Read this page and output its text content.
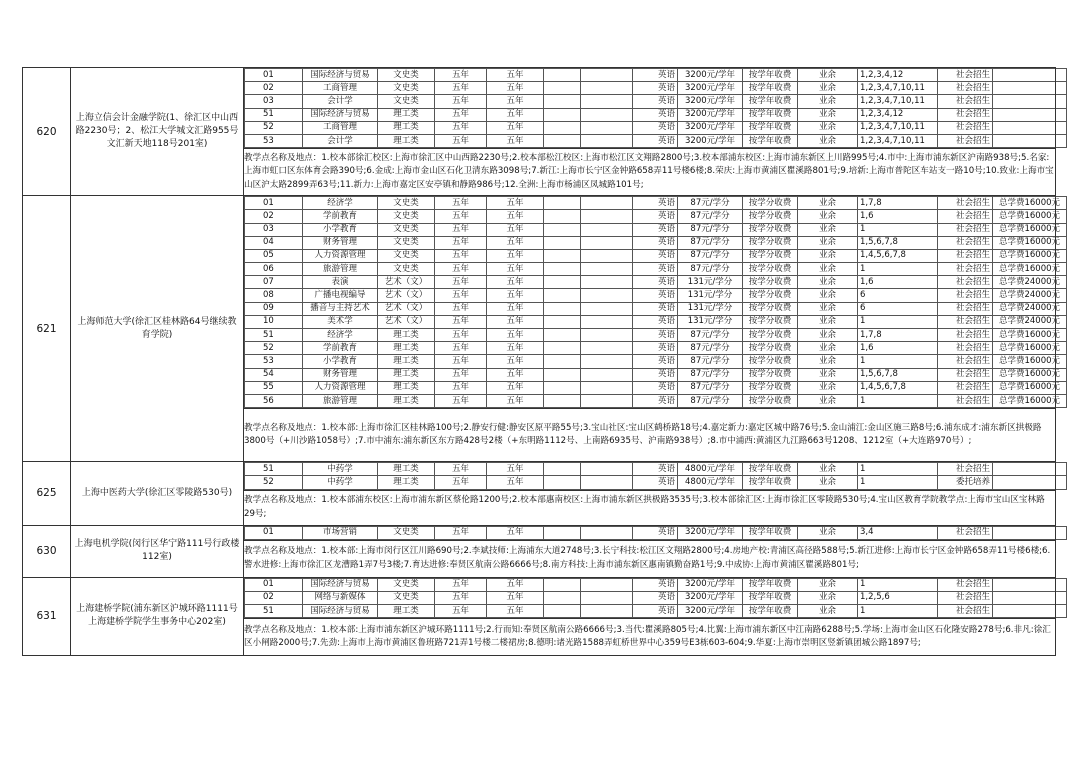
620	上海立信会计金融学院(1、徐汇区中山西路2230号；2、松江大学城文汇路955号文汇新天地118号201室)	
01	国际经济与贸易	文史类	五年	五年			英语	3200元/学年	按学年收费	业余	1,2,3,4,12	社会招生	
02	工商管理	文史类	五年	五年			英语	3200元/学年	按学年收费	业余	1,2,3,4,7,10,11	社会招生	
03	会计学	文史类	五年	五年			英语	3200元/学年	按学年收费	业余	1,2,3,4,7,10,11	社会招生	
51	国际经济与贸易	理工类	五年	五年			英语	3200元/学年	按学年收费	业余	1,2,3,4,12	社会招生	
52	工商管理	理工类	五年	五年			英语	3200元/学年	按学年收费	业余	1,2,3,4,7,10,11	社会招生	
53	会计学	理工类	五年	五年			英语	3200元/学年	按学年收费	业余	1,2,3,4,7,10,11	社会招生	

教学点名称及地点：1.校本部徐汇校区:上海市徐汇区中山西路2230号;2.校本部松江校区:上海市松江区文翔路2800号;3.校本部浦东校区:上海市浦东新区上川路995号;4.市中:上海市浦东新区沪南路938号;5.名家:上海市虹口区东体育会路390号;6.金成:上海市金山区石化卫清东路3098号;7.新江:上海市长宁区金钟路658弄11号楼6楼;8.荣庆:上海市黄浦区瞿溪路801号;9.培新:上海市普陀区车站支一路10号;10.致业:上海市宝山区沪太路2899弄63号;11.新力:上海市嘉定区安亭镇和静路986号;12.全洲:上海市杨浦区凤城路101号;
621	上海师范大学(徐汇区桂林路64号继续教育学院)	
01	经济学	文史类	五年	五年			英语	87元/学分	按学分收费	业余	1,7,8	社会招生	总学费16000元
02	学前教育	文史类	五年	五年			英语	87元/学分	按学分收费	业余	1,6	社会招生	总学费16000元
03	小学教育	文史类	五年	五年			英语	87元/学分	按学分收费	业余	1	社会招生	总学费16000元
04	财务管理	文史类	五年	五年			英语	87元/学分	按学分收费	业余	1,5,6,7,8	社会招生	总学费16000元
05	人力资源管理	文史类	五年	五年			英语	87元/学分	按学分收费	业余	1,4,5,6,7,8	社会招生	总学费16000元
06	旅游管理	文史类	五年	五年			英语	87元/学分	按学分收费	业余	1	社会招生	总学费16000元
07	表演	艺术（文）	五年	五年			英语	131元/学分	按学分收费	业余	1,6	社会招生	总学费24000元
08	广播电视编导	艺术（文）	五年	五年			英语	131元/学分	按学分收费	业余	6	社会招生	总学费24000元
09	播音与主持艺术	艺术（文）	五年	五年			英语	131元/学分	按学分收费	业余	6	社会招生	总学费24000元
10	美术学	艺术（文）	五年	五年			英语	131元/学分	按学分收费	业余	1	社会招生	总学费24000元
51	经济学	理工类	五年	五年			英语	87元/学分	按学分收费	业余	1,7,8	社会招生	总学费16000元
52	学前教育	理工类	五年	五年			英语	87元/学分	按学分收费	业余	1,6	社会招生	总学费16000元
53	小学教育	理工类	五年	五年			英语	87元/学分	按学分收费	业余	1	社会招生	总学费16000元
54	财务管理	理工类	五年	五年			英语	87元/学分	按学分收费	业余	1,5,6,7,8	社会招生	总学费16000元
55	人力资源管理	理工类	五年	五年			英语	87元/学分	按学分收费	业余	1,4,5,6,7,8	社会招生	总学费16000元
56	旅游管理	理工类	五年	五年			英语	87元/学分	按学分收费	业余	1	社会招生	总学费16000元

教学点名称及地点：1.校本部:上海市徐汇区桂林路100号;2.静安行健:静安区原平路55号;3.宝山社区:宝山区鹤桥路18号;4.嘉定新力:嘉定区城中路76号;5.金山浦江:金山区施三路8号;6.浦东成才:浦东新区拱极路3800号（+川沙路1058号）;7.市中浦东:浦东新区东方路428号2楼（+东明路1112号、上南路6935号、沪南路938号）;8.市中浦西:黄浦区九江路663号1208、1212室（+大连路970号）;
625	上海中医药大学(徐汇区零陵路530号)	
51	中药学	理工类	五年	五年			英语	4800元/学年	按学年收费	业余	1	社会招生	
52	中药学	理工类	五年	五年			英语	4800元/学年	按学年收费	业余	1	委托培养	

教学点名称及地点：1.校本部浦东校区:上海市浦东新区蔡伦路1200号;2.校本部惠南校区:上海市浦东新区拱极路3535号;3.校本部徐汇区:上海市徐汇区零陵路530号;4.宝山区教育学院教学点:上海市宝山区宝林路29号;
630	上海电机学院(闵行区华宁路111号行政楼112室)	
01	市场营销	文史类	五年	五年			英语	3200元/学年	按学年收费	业余	3,4	社会招生	

教学点名称及地点：1.校本部:上海市闵行区江川路690号;2.李斌技师:上海浦东大道2748号;3.长宁科技:松江区文翔路2800号;4.房地产校:青浦区高径路588号;5.新江进修:上海市长宁区金钟路658弄11号楼6楼;6.警水进修:上海市徐汇区龙漕路1弄7号3楼;7.育达进修:奉贤区航南公路6666号;8.南方科技:上海市浦东新区惠南镇勤奋路1号;9.中成协:上海市黄浦区瞿溪路801号;
631	上海建桥学院(浦东新区沪城环路1111号上海建桥学院学生事务中心202室)	
01	国际经济与贸易	文史类	五年	五年			英语	3200元/学年	按学年收费	业余	1	社会招生	
02	网络与新媒体	文史类	五年	五年			英语	3200元/学年	按学年收费	业余	1,2,5,6	社会招生	
51	国际经济与贸易	理工类	五年	五年			英语	3200元/学年	按学年收费	业余	1	社会招生	

教学点名称及地点：1.校本部:上海市浦东新区沪城环路1111号;2.行而知:奉贤区航南公路6666号;3.当代:瞿溪路805号;4.比翼:上海市浦东新区中江南路6288号;5.学场:上海市金山区石化隆安路278号;6.非凡:徐汇区小闸路2000号;7.先劲:上海市上海市黄浦区鲁班路721弄1号楼二楼裙房;8.德明:诸光路1588弄虹桥世界中心359号E3栋603-604;9.华夏:上海市崇明区竖新镇团城公路1897号;
